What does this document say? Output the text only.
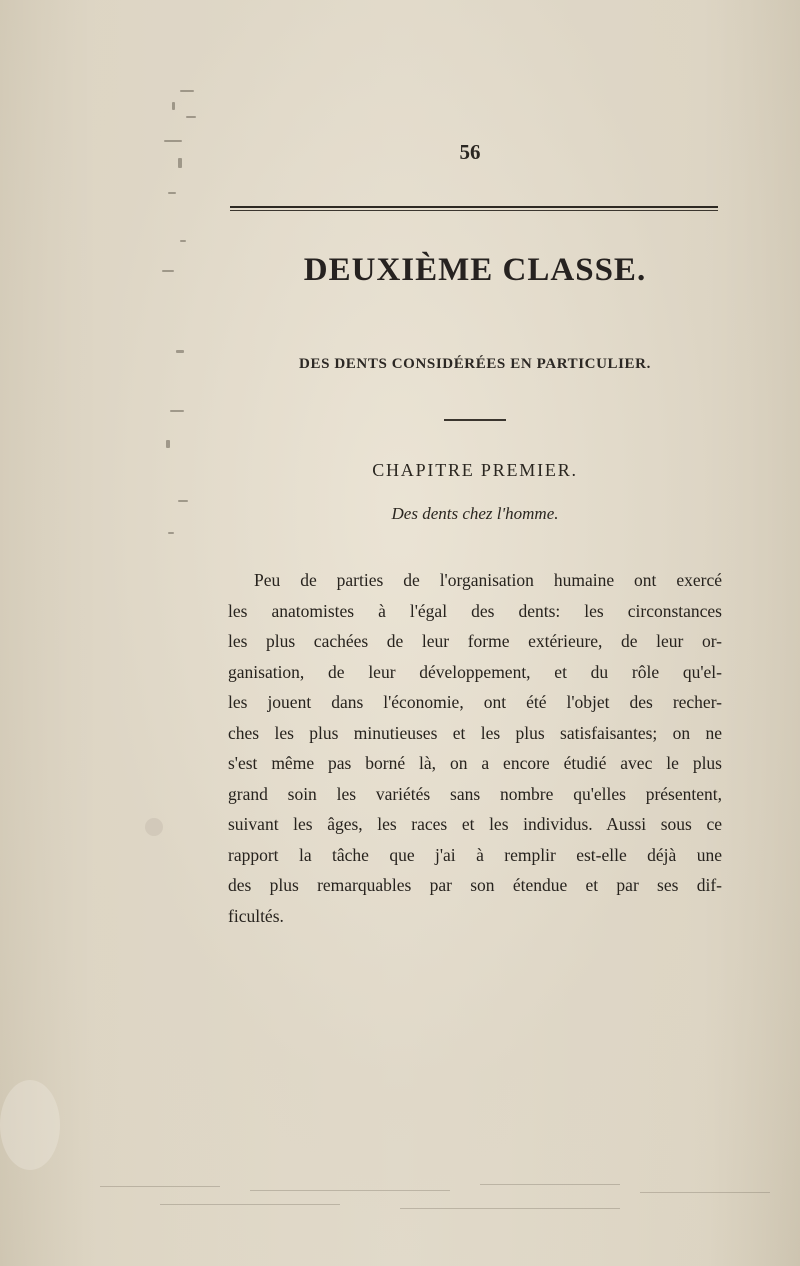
56
DEUXIÈME CLASSE.
DES DENTS CONSIDÉRÉES EN PARTICULIER.
CHAPITRE PREMIER.
Des dents chez l'homme.
Peu de parties de l'organisation humaine ont exercé
les anatomistes à l'égal des dents: les circonstances
les plus cachées de leur forme extérieure, de leur or-
ganisation, de leur développement, et du rôle qu'el-
les jouent dans l'économie, ont été l'objet des recher-
ches les plus minutieuses et les plus satisfaisantes; on ne
s'est même pas borné là, on a encore étudié avec le plus
grand soin les variétés sans nombre qu'elles présentent,
suivant les âges, les races et les individus. Aussi sous ce
rapport la tâche que j'ai à remplir est-elle déjà une
des plus remarquables par son étendue et par ses dif-
ficultés.
